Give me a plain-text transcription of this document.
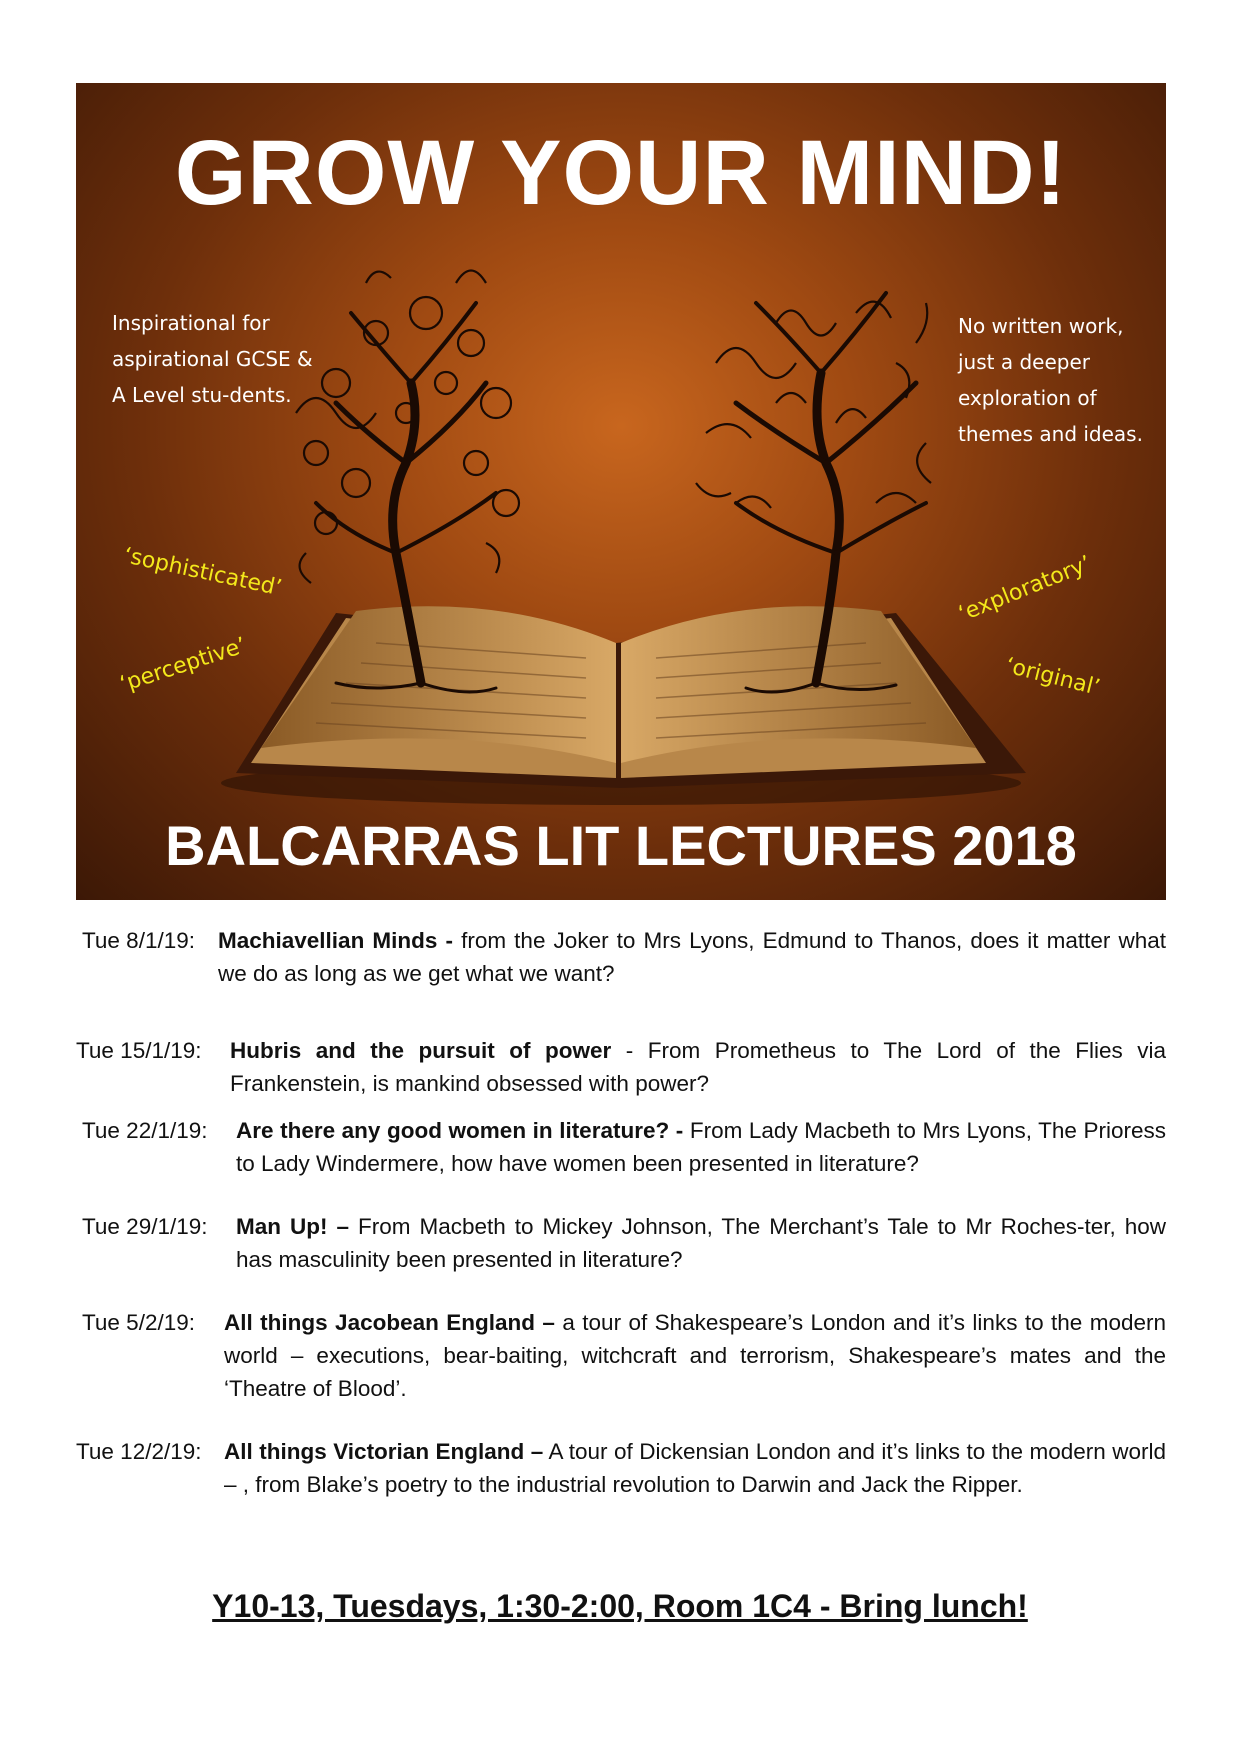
GROW YOUR MIND!
Inspirational for aspirational GCSE & A Level stu-dents.
No written work, just a deeper exploration of themes and ideas.
‘sophisticated’
‘perceptive’
‘exploratory’
‘original’
BALCARRAS LIT LECTURES 2018
Tue 8/1/19:	Machiavellian Minds - from the Joker to Mrs Lyons, Edmund to Thanos, does it matter what we do as long as we get what we want?
Tue 15/1/19:	Hubris and the pursuit of power - From Prometheus to The Lord of the Flies via Frankenstein, is mankind obsessed with power?
Tue 22/1/19:	Are there any good women in literature? - From Lady Macbeth to Mrs Lyons, The Prioress to Lady Windermere, how have women been presented in literature?
Tue 29/1/19:	Man Up! – From Macbeth to Mickey Johnson, The Merchant’s Tale to Mr Roches-ter, how has masculinity been presented in literature?
Tue 5/2/19:	All things Jacobean England – a tour of Shakespeare’s London and it’s links to the modern world – executions, bear-baiting, witchcraft and terrorism, Shakespeare’s mates and the ‘Theatre of Blood’.
Tue 12/2/19: All things Victorian England – A tour of Dickensian London and it’s links to the modern world – , from Blake’s poetry to the industrial revolution to Darwin and Jack the Ripper.
Y10-13, Tuesdays, 1:30-2:00, Room 1C4 - Bring lunch!
